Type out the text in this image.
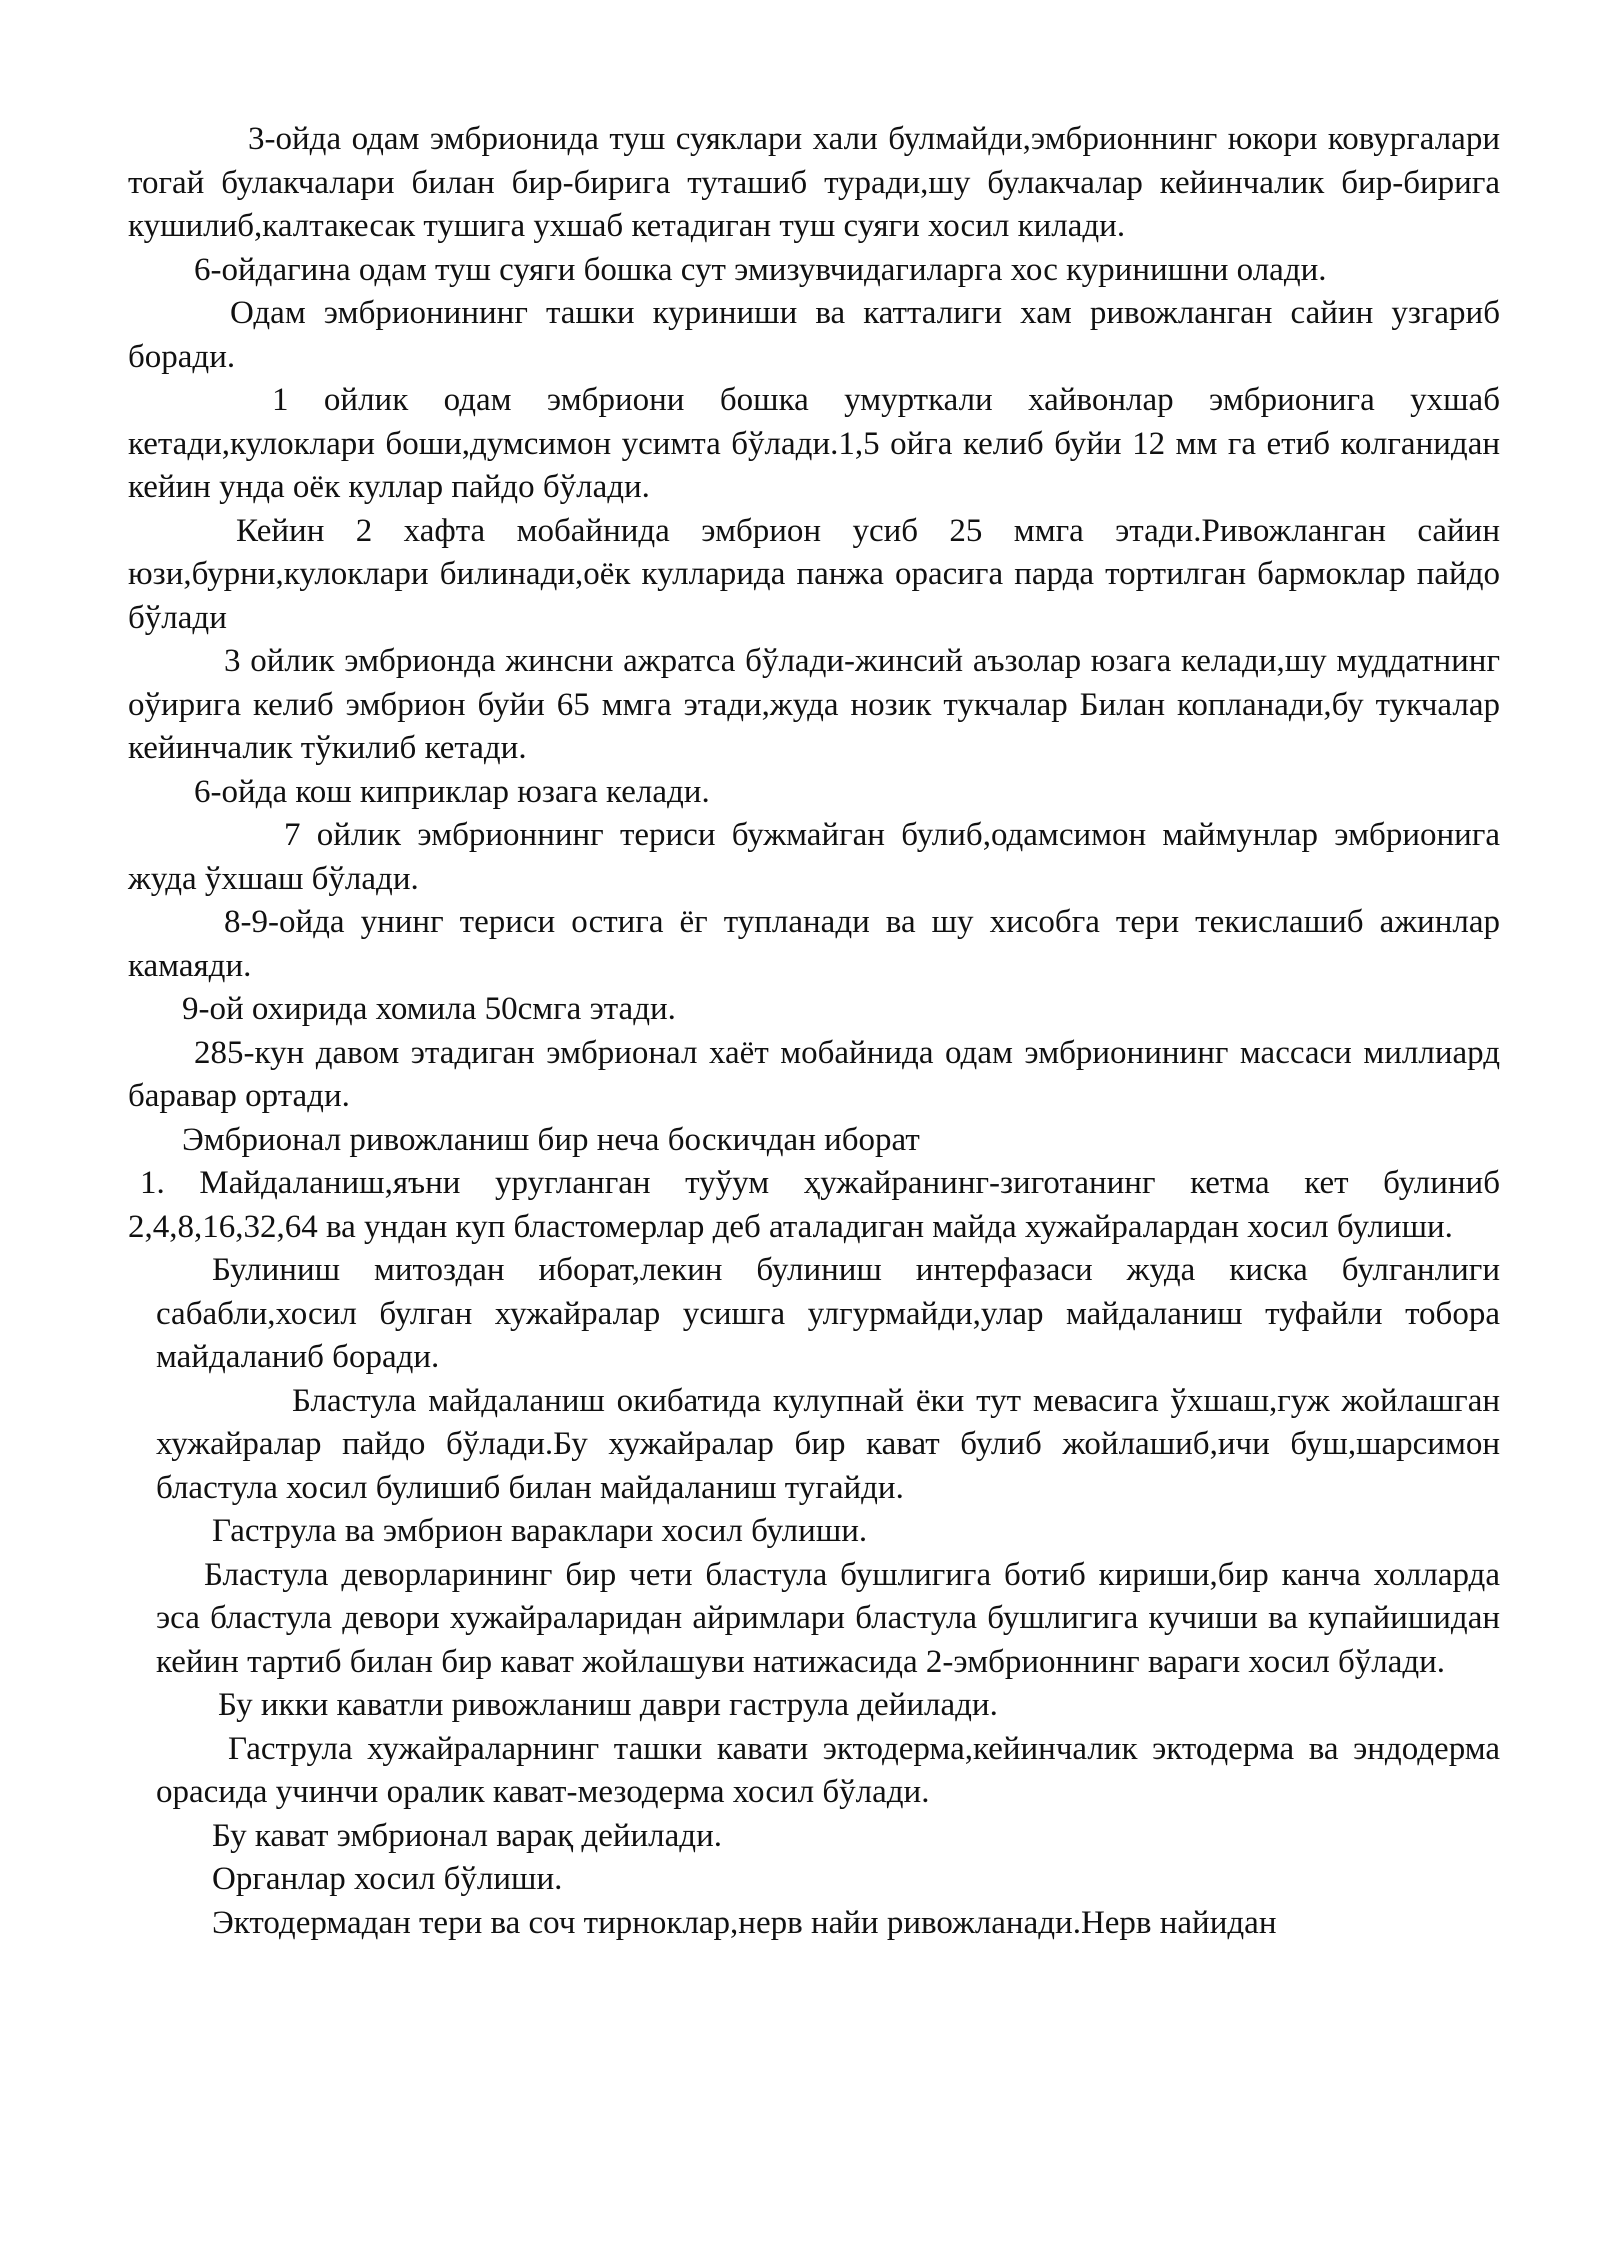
3-ойда одам эмбрионида туш суяклари хали булмайди,эмбрионнинг юкори ковургалари тогай булакчалари билан бир-бирига туташиб туради,шу булакчалар кейинчалик бир-бирига кушилиб,калтакесак тушига ухшаб кетадиган туш суяги хосил килади.

6-ойдагина одам туш суяги бошка сут эмизувчидагиларга хос куринишни олади.

Одам эмбрионининг ташки куриниши ва катталиги хам ривожланган сайин узгариб боради.

1 ойлик одам эмбриони бошка умурткали хайвонлар эмбрионига ухшаб кетади,кулоклари боши,думсимон усимта бўлади.1,5 ойга келиб буйи 12 мм га етиб колганидан кейин унда оёк куллар пайдо бўлади.

Кейин 2 хафта мобайнида эмбрион усиб 25 ммга этади.Ривожланган сайин юзи,бурни,кулоклари билинади,оёк кулларида панжа орасига парда тортилган бармоклар пайдо бўлади

3 ойлик эмбрионда жинсни ажратса бўлади-жинсий аъзолар юзага келади,шу муддатнинг оўирига келиб эмбрион буйи 65 ммга этади,жуда нозик тукчалар Билан копланади,бу тукчалар кейинчалик тўкилиб кетади.

6-ойда кош киприклар юзага келади.

7 ойлик эмбрионнинг териси бужмайган булиб,одамсимон маймунлар эмбрионига жуда ўхшаш бўлади.

8-9-ойда унинг териси остига ёг тупланади ва шу хисобга тери текислашиб ажинлар камаяди.

9-ой охирида хомила 50смга этади.

285-кун давом этадиган эмбрионал хаёт мобайнида одам эмбрионининг массаси миллиард баравар ортади.

Эмбрионал ривожланиш бир неча боскичдан иборат

1. Майдаланиш,яъни уругланган туўум ҳужайранинг-зиготанинг кетма кет булиниб 2,4,8,16,32,64 ва ундан куп бластомерлар деб аталадиган майда хужайралардан хосил булиши.

Булиниш митоздан иборат,лекин булиниш интерфазаси жуда киска булганлиги сабабли,хосил булган хужайралар усишга улгурмайди,улар майдаланиш туфайли тобора майдаланиб боради.

Бластула майдаланиш окибатида кулупнай ёки тут мевасига ўхшаш,гуж жойлашган хужайралар пайдо бўлади.Бу хужайралар бир кават булиб жойлашиб,ичи буш,шарсимон бластула хосил булишиб билан майдаланиш тугайди.

Гаструла ва эмбрион вараклари хосил булиши.

Бластула деворларининг бир чети бластула бушлигига ботиб кириши,бир канча холларда эса бластула девори хужайраларидан айримлари бластула бушлигига кучиши ва купайишидан кейин тартиб билан бир кават жойлашуви натижасида 2-эмбрионнинг вараги хосил бўлади.

Бу икки каватли ривожланиш даври гаструла дейилади.

Гаструла хужайраларнинг ташки кавати эктодерма,кейинчалик эктодерма ва эндодерма орасида учинчи оралик кават-мезодерма хосил бўлади.

Бу кават эмбрионал варақ дейилади.

Органлар хосил бўлиши.

Эктодермадан тери ва соч тирноклар,нерв найи ривожланади.Нерв найидан
